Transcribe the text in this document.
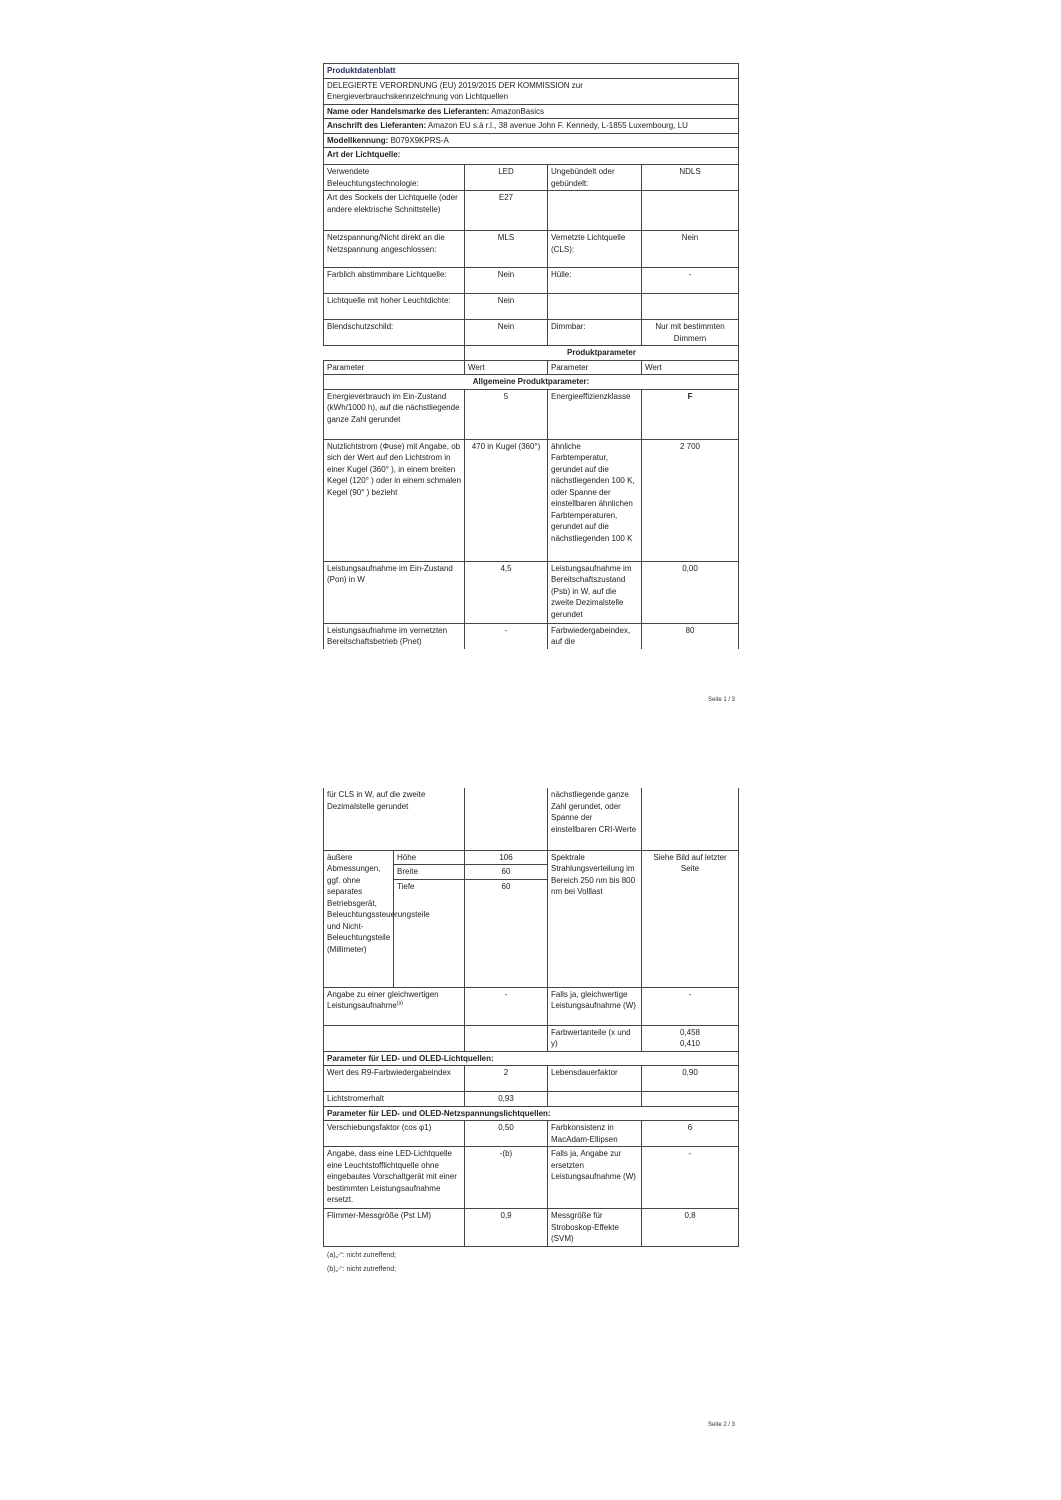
Produktdatenblatt			
DELEGIERTE VERORDNUNG (EU) 2019/2015 DER KOMMISSION zur
Energieverbrauchskennzeichnung von Lichtquellen			
Name oder Handelsmarke des Lieferanten: AmazonBasics			
Anschrift des Lieferanten: Amazon EU s.à r.l., 38 avenue John F. Kennedy, L-1855 Luxembourg, LU			
Modellkennung: B079X9KPRS-A			
Art der Lichtquelle:			
Verwendete Beleuchtungstechnologie:	LED	Ungebündelt oder gebündelt:	NDLS
Art des Sockels der Lichtquelle (oder andere elektrische Schnittstelle)	E27		
Netzspannung/Nicht direkt an die Netzspannung angeschlossen:	MLS	Vernetzte Lichtquelle (CLS):	Nein
Farblich abstimmbare Lichtquelle:	Nein	Hülle:	-
Lichtquelle mit hoher Leuchtdichte:	Nein		
Blendschutzschild:	Nein	Dimmbar:	Nur mit bestimmten Dimmern
	Produktparameter		
Parameter	Wert	Parameter	Wert
Allgemeine Produktparameter:			
Energieverbrauch im Ein-Zustand (kWh/1000 h), auf die nächstliegende ganze Zahl gerundet	5	Energieeffizienzklasse	F
Nutzlichtstrom (Φuse) mit Angabe, ob sich der Wert auf den Lichtstrom in einer Kugel (360° ), in einem breiten Kegel (120° ) oder in einem schmalen Kegel (90° ) bezieht	470 in Kugel (360°)	ähnliche Farbtemperatur, gerundet auf die nächstliegenden 100 K, oder Spanne der einstellbaren ähnlichen Farbtemperaturen, gerundet auf die nächstliegenden 100 K	2 700
Leistungsaufnahme im Ein-Zustand (Pon) in W	4,5	Leistungsaufnahme im Bereitschaftszustand (Psb) in W, auf die zweite Dezimalstelle gerundet	0,00
Leistungsaufnahme im vernetzten Bereitschaftsbetrieb (Pnet)	-	Farbwiedergabeindex, auf die	80
Seite 1 / 3
für CLS in W, auf die zweite Dezimalstelle gerundet			nächstliegende ganze Zahl gerundet, oder Spanne der einstellbaren CRI-Werte	
äußere Abmessungen, ggf. ohne separates Betriebsgerät, Beleuchtungssteuerungsteile und Nicht-Beleuchtungsteile (Millimeter)	Höhe	106	Spektrale Strahlungsverteilung im Bereich 250 nm bis 800 nm bei Volllast	Siehe Bild auf letzter Seite
	Breite	60		
	Tiefe	60		
Angabe zu einer gleichwertigen Leistungsaufnahme$^{(a)}$		-	Falls ja, gleichwertige Leistungsaufnahme (W)	-
			Farbwertanteile (x und y)	0,458
0,410
Parameter für LED- und OLED-Lichtquellen:				
Wert des R9-Farbwiedergabeindex		2	Lebensdauerfaktor	0,90
Lichtstromerhalt		0,93		
Parameter für LED- und OLED-Netzspannungslichtquellen:				
Verschiebungsfaktor (cos φ1)		0,50	Farbkonsistenz in MacAdam-Ellipsen	6
Angabe, dass eine LED-Lichtquelle eine Leuchtstofflichtquelle ohne eingebautes Vorschaltgerät mit einer bestimmten Leistungsaufnahme ersetzt.		-(b)	Falls ja, Angabe zur ersetzten Leistungsaufnahme (W)	-
Flimmer-Messgröße (Pst LM)		0,9	Messgröße für Stroboskop-Effekte (SVM)	0,8
(a)„-“: nicht zutreffend;
(b)„-“: nicht zutreffend;
Seite 2 / 3
